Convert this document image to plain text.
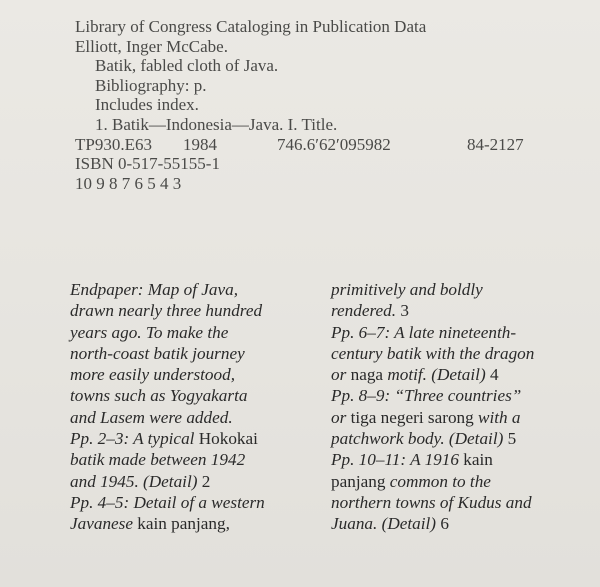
Library of Congress Cataloging in Publication Data
Elliott, Inger McCabe.
Batik, fabled cloth of Java.
Bibliography: p.
Includes index.
1. Batik—Indonesia—Java. I. Title.
TP930.E63 1984	746.6′62′095982	84-2127
ISBN 0-517-55155-1
10 9 8 7 6 5 4 3
Endpaper: Map of Java,
drawn nearly three hundred
years ago. To make the
north-coast batik journey
more easily understood,
towns such as Yogyakarta
and Lasem were added.
Pp. 2–3: A typical Hokokai
batik made between 1942
and 1945. (Detail) 2
Pp. 4–5: Detail of a western
Javanese kain panjang,
primitively and boldly
rendered. 3
Pp. 6–7: A late nineteenth-
century batik with the dragon
or naga motif. (Detail) 4
Pp. 8–9: “Three countries”
or tiga negeri sarong with a
patchwork body. (Detail) 5
Pp. 10–11: A 1916 kain
panjang common to the
northern towns of Kudus and
Juana. (Detail) 6
